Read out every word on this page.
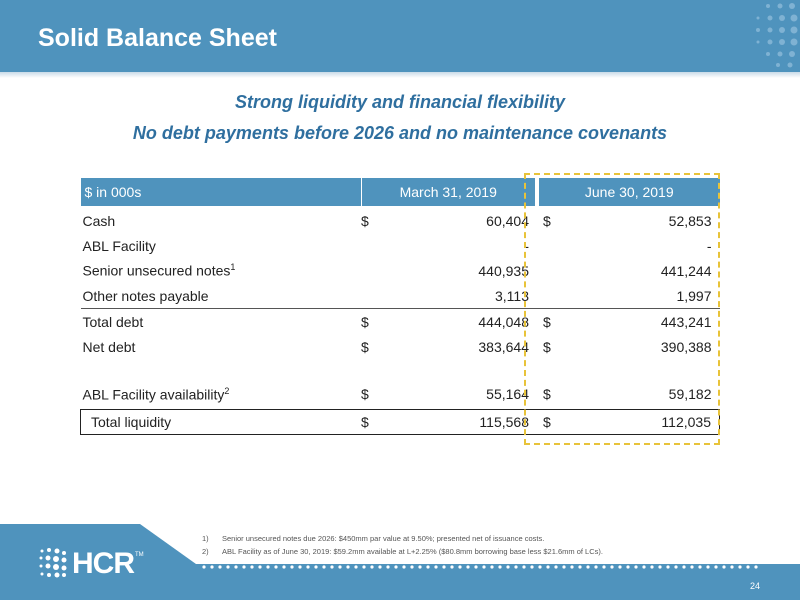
Solid Balance Sheet
Strong liquidity and financial flexibility
No debt payments before 2026 and no maintenance covenants
$ in 000s	March 31, 2019		June 30, 2019	
Cash	$	60,404	$	52,853
ABL Facility		-		-
Senior unsecured notes$^1$		440,935		441,244
Other notes payable		3,113		1,997
Total debt	$	444,048	$	443,241
Net debt	$	383,644	$	390,388

ABL Facility availability$^2$	$	55,164	$	59,182
Total liquidity	$	115,568	$	112,035
1) Senior unsecured notes due 2026: $450mm par value at 9.50%; presented net of issuance costs.
2) ABL Facility as of June 30, 2019: $59.2mm available at L+2.25% ($80.8mm borrowing base less $21.6mm of LCs).
HCR TM
24
